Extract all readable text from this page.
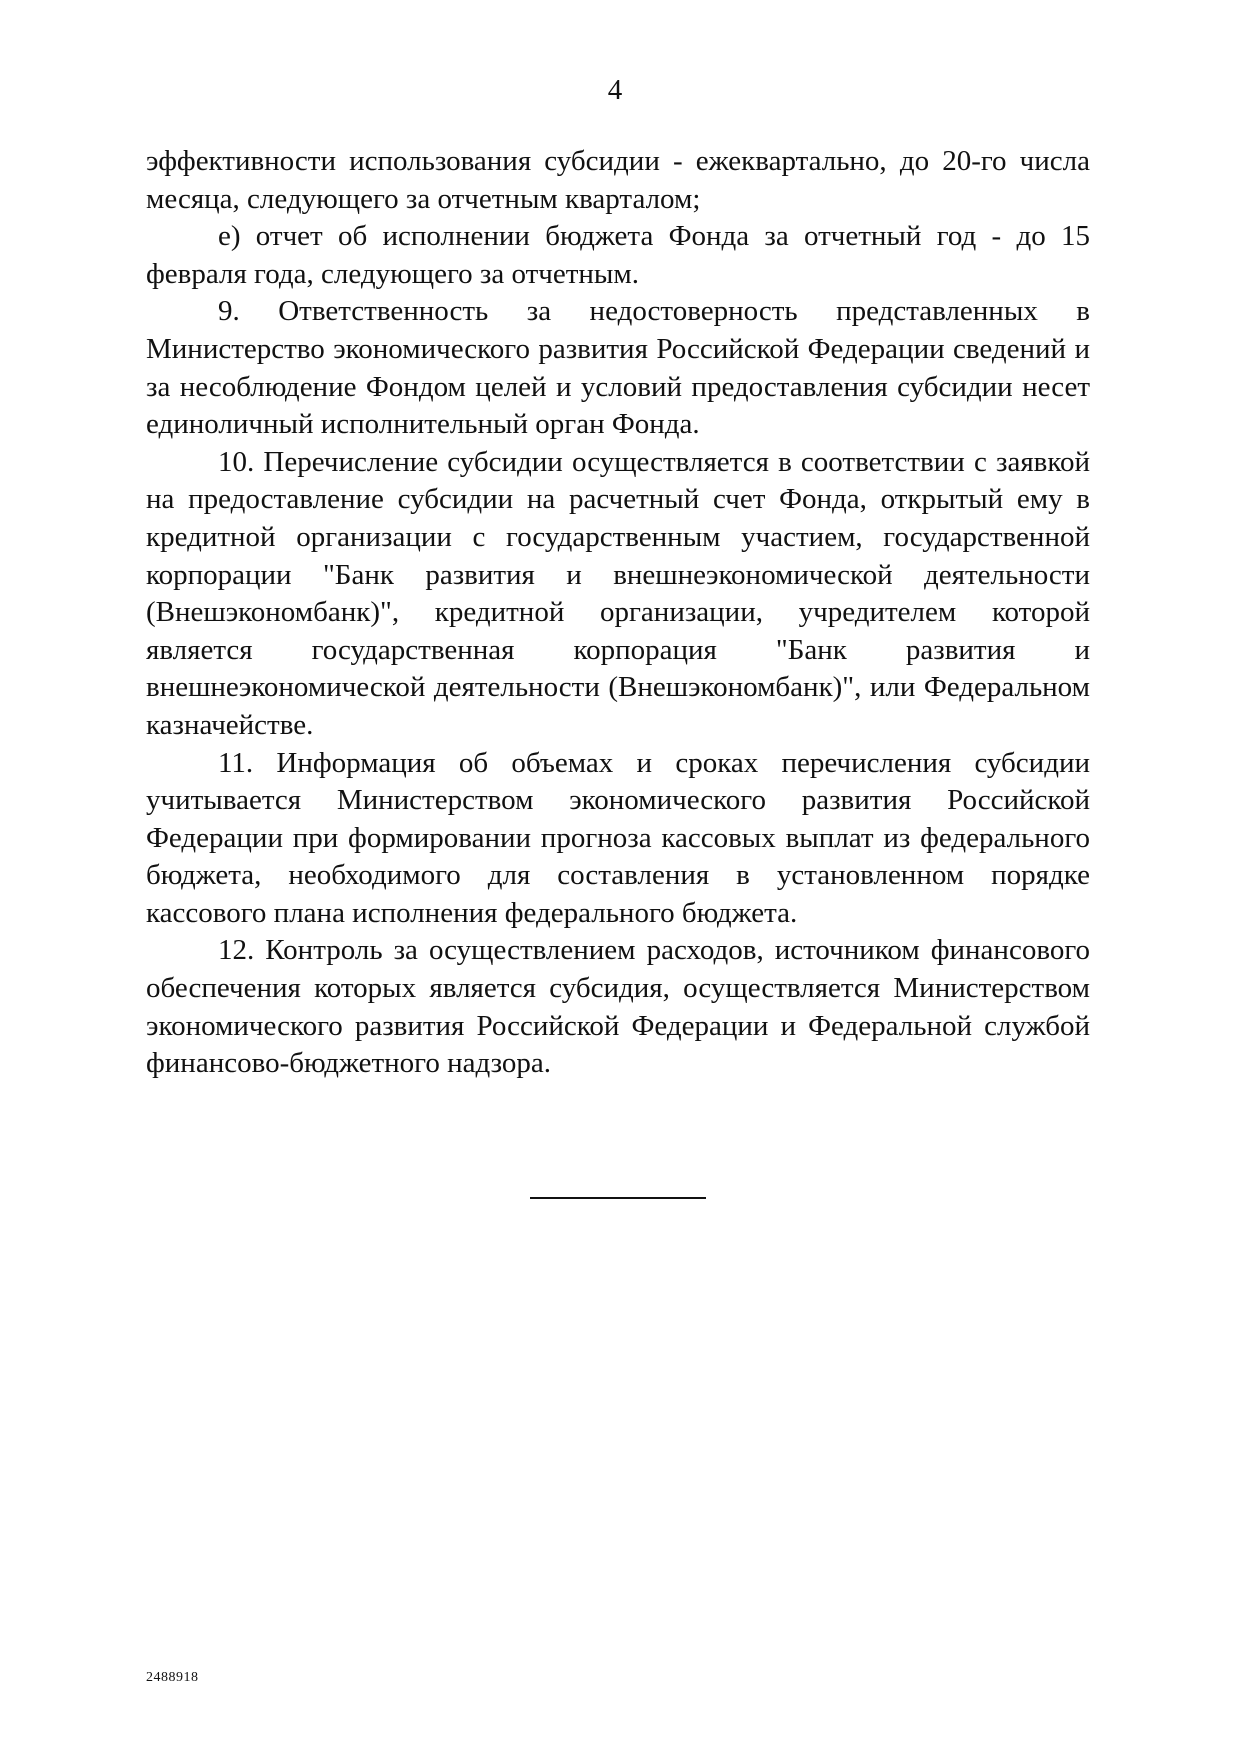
4

эффективности использования субсидии - ежеквартально, до 20-го числа месяца, следующего за отчетным кварталом;

е) отчет об исполнении бюджета Фонда за отчетный год - до 15 февраля года, следующего за отчетным.

9. Ответственность за недостоверность представленных в Министерство экономического развития Российской Федерации сведений и за несоблюдение Фондом целей и условий предоставления субсидии несет единоличный исполнительный орган Фонда.

10. Перечисление субсидии осуществляется в соответствии с заявкой на предоставление субсидии на расчетный счет Фонда, открытый ему в кредитной организации с государственным участием, государственной корпорации "Банк развития и внешнеэкономической деятельности (Внешэкономбанк)", кредитной организации, учредителем которой является государственная корпорация "Банк развития и внешнеэкономической деятельности (Внешэкономбанк)", или Федеральном казначействе.

11. Информация об объемах и сроках перечисления субсидии учитывается Министерством экономического развития Российской Федерации при формировании прогноза кассовых выплат из федерального бюджета, необходимого для составления в установленном порядке кассового плана исполнения федерального бюджета.

12. Контроль за осуществлением расходов, источником финансового обеспечения которых является субсидия, осуществляется Министерством экономического развития Российской Федерации и Федеральной службой финансово-бюджетного надзора.

2488918
